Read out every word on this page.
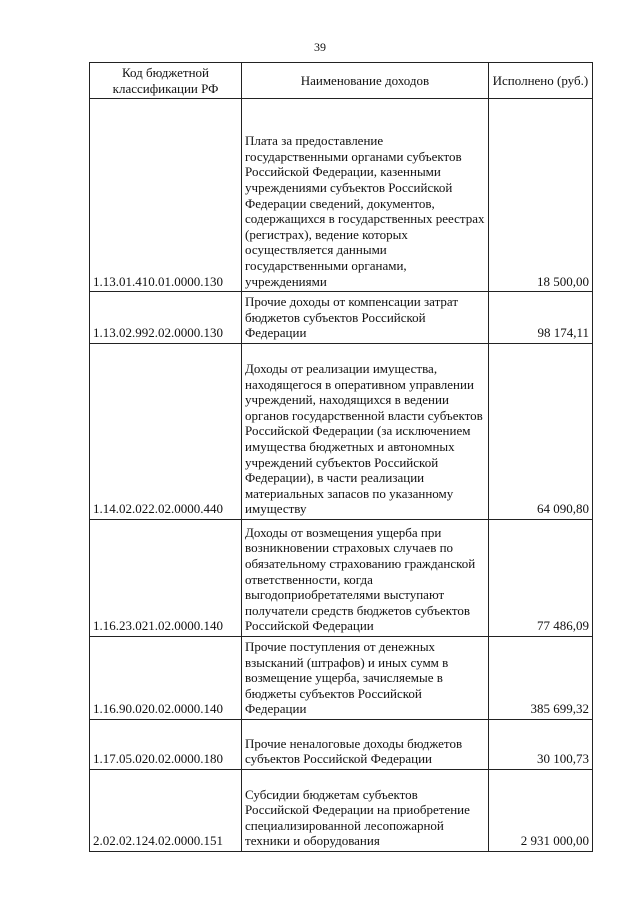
39
Код бюджетной классификации РФ	Наименование доходов	Исполнено (руб.)
1.13.01.410.01.0000.130	Плата за предоставление государственными органами субъектов Российской Федерации, казенными учреждениями субъектов Российской Федерации сведений, документов, содержащихся в государственных реестрах (регистрах), ведение которых осуществляется данными государственными органами, учреждениями	18 500,00
1.13.02.992.02.0000.130	Прочие доходы от компенсации затрат бюджетов субъектов Российской Федерации	98 174,11
1.14.02.022.02.0000.440	Доходы от реализации имущества, находящегося в оперативном управлении учреждений, находящихся в ведении органов государственной власти субъектов Российской Федерации (за исключением имущества бюджетных и автономных учреждений субъектов Российской Федерации), в части реализации материальных запасов по указанному имуществу	64 090,80
1.16.23.021.02.0000.140	Доходы от возмещения ущерба при возникновении страховых случаев по обязательному страхованию гражданской ответственности, когда выгодоприобретателями выступают получатели средств бюджетов субъектов Российской Федерации	77 486,09
1.16.90.020.02.0000.140	Прочие поступления от денежных взысканий (штрафов) и иных сумм в возмещение ущерба, зачисляемые в бюджеты субъектов Российской Федерации	385 699,32
1.17.05.020.02.0000.180	Прочие неналоговые доходы бюджетов субъектов Российской Федерации	30 100,73
2.02.02.124.02.0000.151	Субсидии бюджетам субъектов Российской Федерации на приобретение специализированной лесопожарной техники и оборудования	2 931 000,00
